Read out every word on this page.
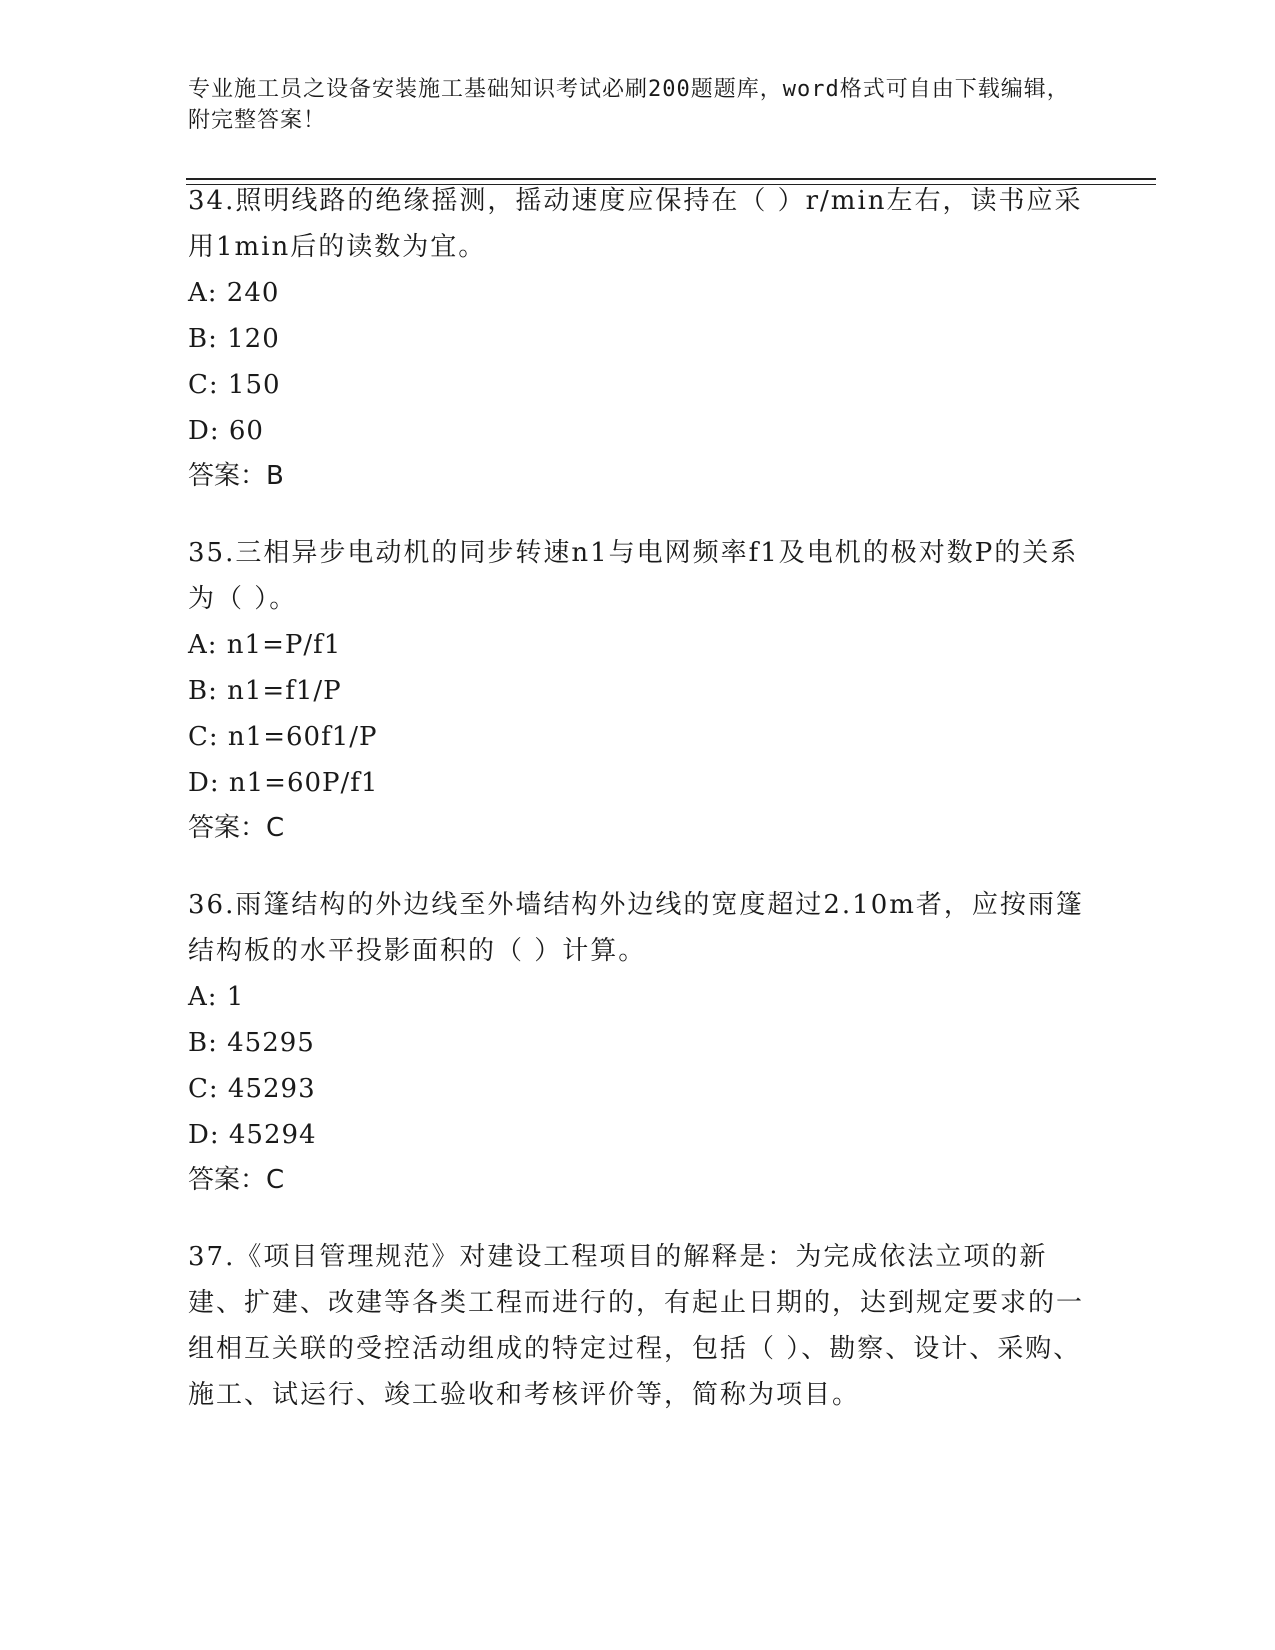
专业施工员之设备安装施工基础知识考试必刷200题题库，word格式可自由下载编辑，附完整答案！

34.照明线路的绝缘摇测，摇动速度应保持在（ ）r/min左右，读书应采用1min后的读数为宜。

A: 240

B: 120

C: 150

D: 60

答案：B

35.三相异步电动机的同步转速n1与电网频率f1及电机的极对数P的关系为（ ）。

A: n1=P/f1

B: n1=f1/P

C: n1=60f1/P

D: n1=60P/f1

答案：C

36.雨篷结构的外边线至外墙结构外边线的宽度超过2.10m者，应按雨篷结构板的水平投影面积的（ ）计算。

A: 1

B: 45295

C: 45293

D: 45294

答案：C

37.《项目管理规范》对建设工程项目的解释是：为完成依法立项的新建、扩建、改建等各类工程而进行的，有起止日期的，达到规定要求的一组相互关联的受控活动组成的特定过程，包括（ ）、勘察、设计、采购、施工、试运行、竣工验收和考核评价等，简称为项目。
